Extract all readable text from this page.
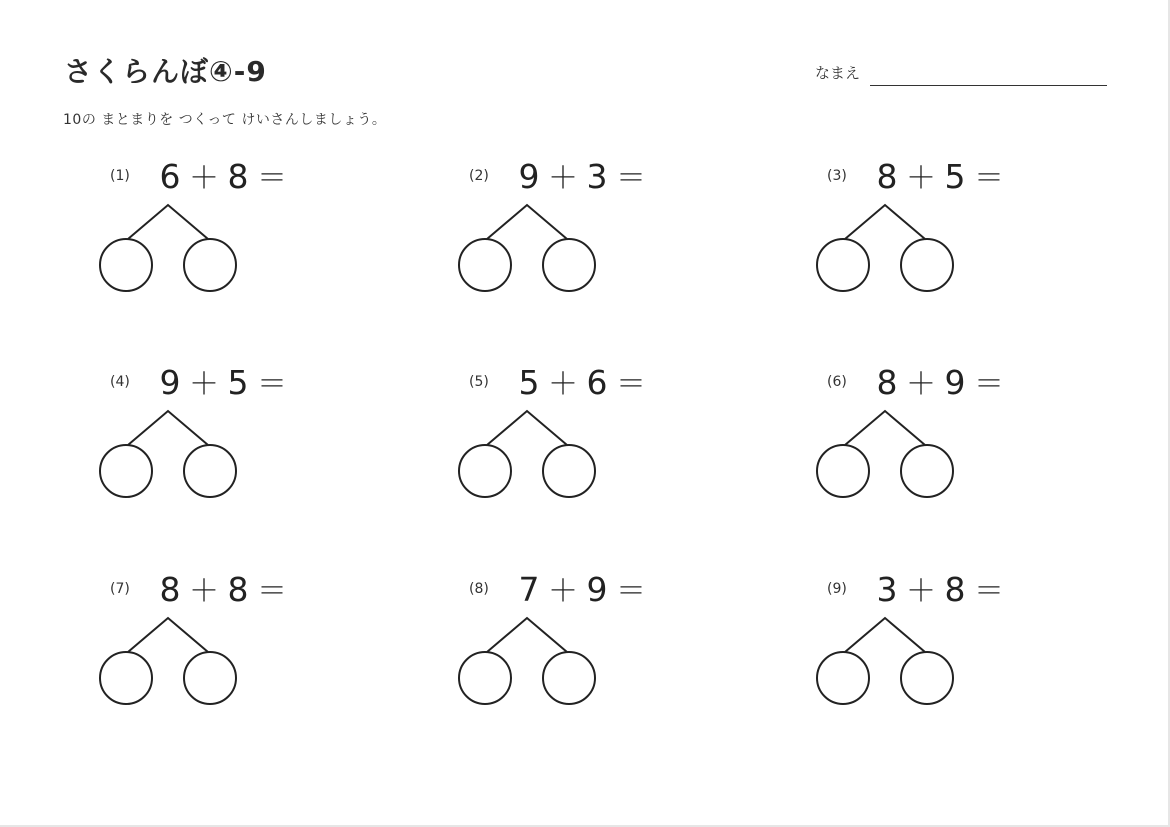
さくらんぼ④-9	なまえ
10の まとまりを つくって けいさんしましょう。
(1) 6 ＋ 8 ＝	(2) 9 ＋ 3 ＝	(3) 8 ＋ 5 ＝
(4) 9 ＋ 5 ＝	(5) 5 ＋ 6 ＝	(6) 8 ＋ 9 ＝
(7) 8 ＋ 8 ＝	(8) 7 ＋ 9 ＝	(9) 3 ＋ 8 ＝
